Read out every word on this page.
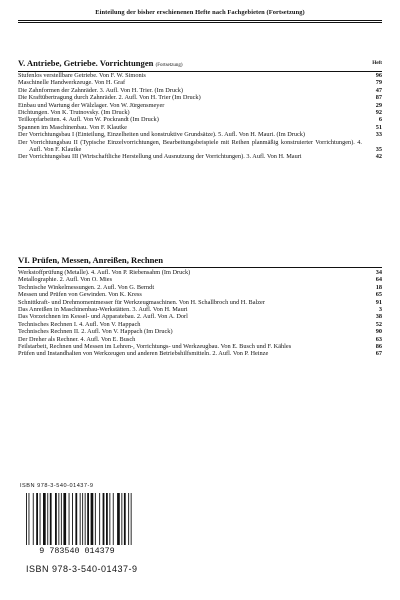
Einteilung der bisher erschienenen Hefte nach Fachgebieten (Fortsetzung)
V. Antriebe, Getriebe. Vorrichtungen (Fortsetzung)	Heft
Stufenlos verstellbare Getriebe. Von F. W. Simonis	96
Maschinelle Handwerkzeuge. Von H. Graf	79
Die Zahnformen der Zahnräder. 3. Aufl. Von H. Trier. (Im Druck)	47
Die Kraftübertragung durch Zahnräder. 2. Aufl. Von H. Trier (Im Druck)	87
Einbau und Wartung der Wälzlager. Von W. Jürgensmeyer	29
Dichtungen. Von K. Trutnovsky. (Im Druck)	92
Teilkopfarbeiten. 4. Aufl. Von W. Pockrandt (Im Druck)	6
Spannen im Maschinenbau. Von F. Klautke	51
Der Vorrichtungsbau I (Einteilung, Einzelheiten und konstruktive Grundsätze). 5. Aufl. Von H. Mauri. (Im Druck)	33
Der Vorrichtungsbau II (Typische Einzelvorrichtungen, Bearbeitungsbeispiele mit Reihen planmäßig konstruierter Vorrichtungen). 4. Aufl. Von F. Klautke	35
Der Vorrichtungsbau III (Wirtschaftliche Herstellung und Ausnutzung der Vorrichtungen). 3. Aufl. Von H. Mauri	42
VI. Prüfen, Messen, Anreißen, Rechnen
Werkstoffprüfung (Metalle). 4. Aufl. Von P. Riebensahm (Im Druck)	34
Metallographie. 2. Aufl. Von O. Mies	64
Technische Winkelmessungen. 2. Aufl. Von G. Berndt	18
Messen und Prüfen von Gewinden. Von K. Kress	65
Schnittkraft- und Drehmomentmesser für Werkzeugmaschinen. Von H. Schallbroch und H. Balzer	91
Das Anreißen in Maschinenbau-Werkstätten. 3. Aufl. Von H. Mauri	3
Das Vorzeichnen im Kessel- und Apparatebau. 2. Aufl. Von A. Dorl	38
Technisches Rechnen I. 4. Aufl. Von V. Happach	52
Technisches Rechnen II. 2. Aufl. Von V. Happach (Im Druck)	90
Der Dreher als Rechner. 4. Aufl. Von E. Busch	63
Feilstarbeit, Rechnen und Messen im Lehren-, Vorrichtungs- und Werkzeugbau. Von E. Busch und F. Kähles	86
Prüfen und Instandhalten von Werkzeugen und anderen Betriebshilfsmitteln. 2. Aufl. Von P. Heinze	67
ISBN 978-3-540-01437-9
9 783540 014379
ISBN 978-3-540-01437-9
